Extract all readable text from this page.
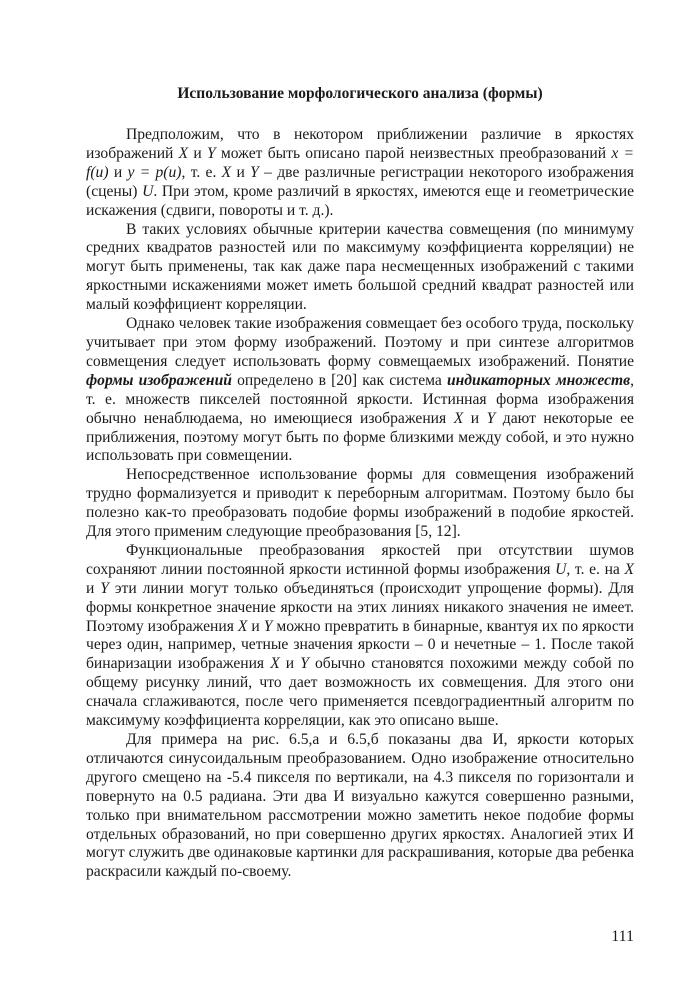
Использование морфологического анализа (формы)

Предположим, что в некотором приближении различие в яркостях изображений X и Y может быть описано парой неизвестных преобразований x = f(u) и y = p(u), т. е. X и Y – две различные регистрации некоторого изображения (сцены) U. При этом, кроме различий в яркостях, имеются еще и геометрические искажения (сдвиги, повороты и т. д.).

В таких условиях обычные критерии качества совмещения (по минимуму средних квадратов разностей или по максимуму коэффициента корреляции) не могут быть применены, так как даже пара несмещенных изображений с такими яркостными искажениями может иметь большой средний квадрат разностей или малый коэффициент корреляции.

Однако человек такие изображения совмещает без особого труда, поскольку учитывает при этом форму изображений. Поэтому и при синтезе алгоритмов совмещения следует использовать форму совмещаемых изображений. Понятие формы изображений определено в [20] как система индикаторных множеств, т. е. множеств пикселей постоянной яркости. Истинная форма изображения обычно ненаблюдаема, но имеющиеся изображения X и Y дают некоторые ее приближения, поэтому могут быть по форме близкими между собой, и это нужно использовать при совмещении.

Непосредственное использование формы для совмещения изображений трудно формализуется и приводит к переборным алгоритмам. Поэтому было бы полезно как-то преобразовать подобие формы изображений в подобие яркостей. Для этого применим следующие преобразования [5, 12].

Функциональные преобразования яркостей при отсутствии шумов сохраняют линии постоянной яркости истинной формы изображения U, т. е. на X и Y эти линии могут только объединяться (происходит упрощение формы). Для формы конкретное значение яркости на этих линиях никакого значения не имеет. Поэтому изображения X и Y можно превратить в бинарные, квантуя их по яркости через один, например, четные значения яркости – 0 и нечетные – 1. После такой бинаризации изображения X и Y обычно становятся похожими между собой по общему рисунку линий, что дает возможность их совмещения. Для этого они сначала сглаживаются, после чего применяется псевдоградиентный алгоритм по максимуму коэффициента корреляции, как это описано выше.

Для примера на рис. 6.5,а и 6.5,б показаны два И, яркости которых отличаются синусоидальным преобразованием. Одно изображение относительно другого смещено на -5.4 пикселя по вертикали, на 4.3 пикселя по горизонтали и повернуто на 0.5 радиана. Эти два И визуально кажутся совершенно разными, только при внимательном рассмотрении можно заметить некое подобие формы отдельных образований, но при совершенно других яркостях. Аналогией этих И могут служить две одинаковые картинки для раскрашивания, которые два ребенка раскрасили каждый по-своему.

111
